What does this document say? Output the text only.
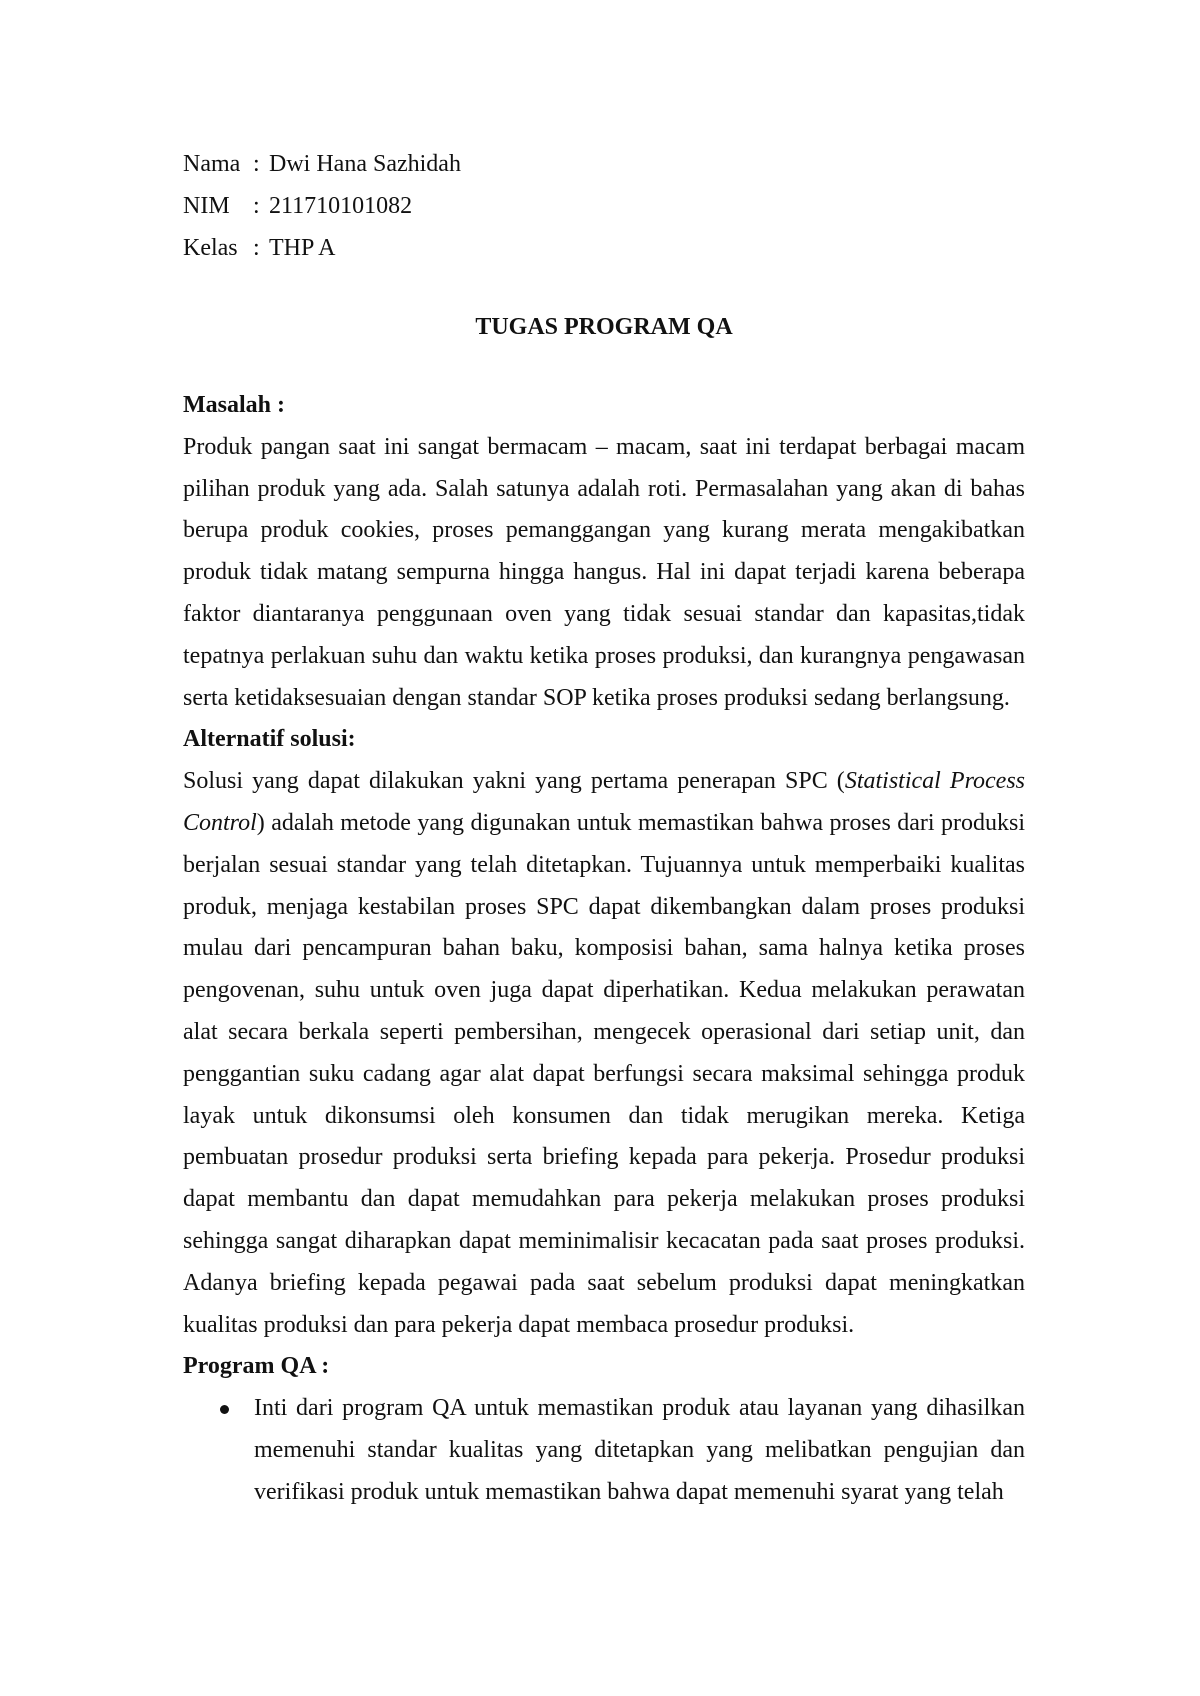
Nama : Dwi Hana Sazhidah
NIM : 211710101082
Kelas : THP A
TUGAS PROGRAM QA

Masalah :

Produk pangan saat ini sangat bermacam – macam, saat ini terdapat berbagai macam pilihan produk yang ada. Salah satunya adalah roti. Permasalahan yang akan di bahas berupa produk cookies, proses pemanggangan yang kurang merata mengakibatkan produk tidak matang sempurna hingga hangus. Hal ini dapat terjadi karena beberapa faktor diantaranya penggunaan oven yang tidak sesuai standar dan kapasitas,tidak tepatnya perlakuan suhu dan waktu ketika proses produksi, dan kurangnya pengawasan serta ketidaksesuaian dengan standar SOP ketika proses produksi sedang berlangsung.

Alternatif solusi:

Solusi yang dapat dilakukan yakni yang pertama penerapan SPC (Statistical Process Control) adalah metode yang digunakan untuk memastikan bahwa proses dari produksi berjalan sesuai standar yang telah ditetapkan. Tujuannya untuk memperbaiki kualitas produk, menjaga kestabilan proses SPC dapat dikembangkan dalam proses produksi mulau dari pencampuran bahan baku, komposisi bahan, sama halnya ketika proses pengovenan, suhu untuk oven juga dapat diperhatikan. Kedua melakukan perawatan alat secara berkala seperti pembersihan, mengecek operasional dari setiap unit, dan penggantian suku cadang agar alat dapat berfungsi secara maksimal sehingga produk layak untuk dikonsumsi oleh konsumen dan tidak merugikan mereka. Ketiga pembuatan prosedur produksi serta briefing kepada para pekerja. Prosedur produksi dapat membantu dan dapat memudahkan para pekerja melakukan proses produksi sehingga sangat diharapkan dapat meminimalisir kecacatan pada saat proses produksi. Adanya briefing kepada pegawai pada saat sebelum produksi dapat meningkatkan kualitas produksi dan para pekerja dapat membaca prosedur produksi.

Program QA :

Inti dari program QA untuk memastikan produk atau layanan yang dihasilkan memenuhi standar kualitas yang ditetapkan yang melibatkan pengujian dan verifikasi produk untuk memastikan bahwa dapat memenuhi syarat yang telah
